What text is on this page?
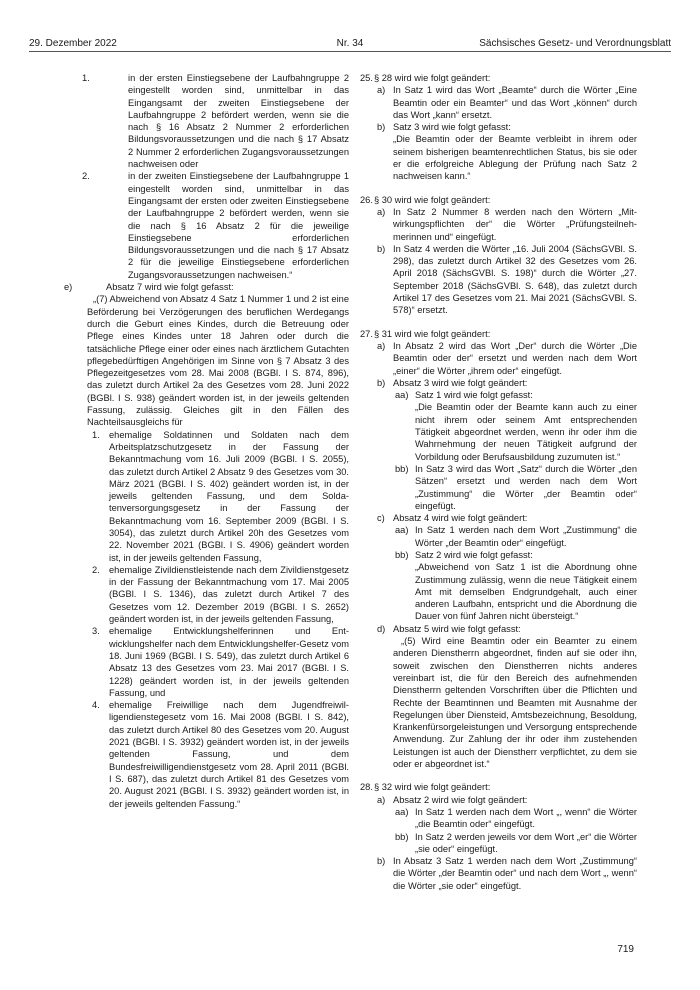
29. Dezember 2022	Nr. 34	Sächsisches Gesetz- und Verordnungsblatt
1.	in der ersten Einstiegsebene der Laufbahngruppe 2 eingestellt worden sind, unmittelbar in das Eingangsamt der zweiten Einstiegsebene der Laufbahngruppe 2 befördert werden, wenn sie die nach § 16 Absatz 2 Nummer 2 erforderlichen Bildungsvoraussetzungen und die nach § 17 Absatz 2 Nummer 2 erforderlichen Zugangsvoraussetzungen nachweisen oder
2.	in der zweiten Einstiegsebene der Laufbahngruppe 1 eingestellt worden sind, unmittelbar in das Eingangsamt der ersten oder zweiten Einstiegsebene der Laufbahngruppe 2 befördert werden, wenn sie die nach § 16 Absatz 2 für die jeweilige Einstiegsebene erforderlichen Bildungsvoraussetzungen und die nach § 17 Absatz 2 für die jeweilige Einstiegsebene erforderlichen Zugangsvoraussetzungen nachweisen.“
e)	Absatz 7 wird wie folgt gefasst:
„(7) Abweichend von Absatz 4 Satz 1 Nummer 1 und 2 ist eine Beförderung bei Verzögerungen des beruflichen Werdegangs durch die Geburt eines Kindes, durch die Betreuung oder Pflege eines Kindes unter 18 Jahren oder durch die tatsächliche Pflege einer oder eines nach ärztlichem Gutachten pflegebedürftigen Angehörigen im Sinne von § 7 Absatz 3 des Pflegezeitgesetzes vom 28. Mai 2008 (BGBl. I S. 874, 896), das zuletzt durch Artikel 2a des Gesetzes vom 28. Juni 2022 (BGBl. I S. 938) geändert worden ist, in der jeweils geltenden Fassung, zulässig. Gleiches gilt in den Fällen des Nachteilsausgleichs für
1. ehemalige Soldatinnen und Soldaten nach dem Arbeitsplatzschutzgesetz in der Fassung der Bekanntmachung vom 16. Juli 2009 (BGBl. I S. 2055), das zuletzt durch Artikel 2 Absatz 9 des Gesetzes vom 30. März 2021 (BGBl. I S. 402) geändert worden ist, in der jeweils geltenden Fassung, und dem Soldatenversorgungsgesetz in der Fassung der Bekanntmachung vom 16. September 2009 (BGBl. I S. 3054), das zuletzt durch Artikel 20h des Gesetzes vom 22. November 2021 (BGBl. I S. 4906) geändert worden ist, in der jeweils geltenden Fassung,
2. ehemalige Zivildienstleistende nach dem Zivildienstgesetz in der Fassung der Bekanntmachung vom 17. Mai 2005 (BGBl. I S. 1346), das zuletzt durch Artikel 7 des Gesetzes vom 12. Dezember 2019 (BGBl. I S. 2652) geändert worden ist, in der jeweils geltenden Fassung,
3. ehemalige Entwicklungshelferinnen und Entwicklungshelfer nach dem Entwicklungshelfer-Gesetz vom 18. Juni 1969 (BGBl. I S. 549), das zuletzt durch Artikel 6 Absatz 13 des Gesetzes vom 23. Mai 2017 (BGBl. I S. 1228) geändert worden ist, in der jeweils geltenden Fassung, und
4. ehemalige Freiwillige nach dem Jugendfreiwilligendienstegesetz vom 16. Mai 2008 (BGBl. I S. 842), das zuletzt durch Artikel 80 des Gesetzes vom 20. August 2021 (BGBl. I S. 3932) geändert worden ist, in der jeweils geltenden Fassung, und dem Bundesfreiwilligendienstgesetz vom 28. April 2011 (BGBl. I S. 687), das zuletzt durch Artikel 81 des Gesetzes vom 20. August 2021 (BGBl. I S. 3932) geändert worden ist, in der jeweils geltenden Fassung.“
25. § 28 wird wie folgt geändert:
a) In Satz 1 wird das Wort „Beamte“ durch die Wörter „Eine Beamtin oder ein Beamter“ und das Wort „können“ durch das Wort „kann“ ersetzt.
b) Satz 3 wird wie folgt gefasst:
„Die Beamtin oder der Beamte verbleibt in ihrem oder seinem bisherigen beamtenrechtlichen Status, bis sie oder er die erfolgreiche Ablegung der Prüfung nach Satz 2 nachweisen kann.“
26. § 30 wird wie folgt geändert:
a) In Satz 2 Nummer 8 werden nach den Wörtern „Mitwirkungspflichten der“ die Wörter „Prüfungsteilnehmerinnen und“ eingefügt.
b) In Satz 4 werden die Wörter „16. Juli 2004 (SächsGVBl. S. 298), das zuletzt durch Artikel 32 des Gesetzes vom 26. April 2018 (SächsGVBl. S. 198)“ durch die Wörter „27. September 2018 (SächsGVBl. S. 648), das zuletzt durch Artikel 17 des Gesetzes vom 21. Mai 2021 (SächsGVBl. S. 578)“ ersetzt.
27. § 31 wird wie folgt geändert:
a) In Absatz 2 wird das Wort „Der“ durch die Wörter „Die Beamtin oder der“ ersetzt und werden nach dem Wort „einer“ die Wörter „ihrem oder“ eingefügt.
b) Absatz 3 wird wie folgt geändert:
aa) Satz 1 wird wie folgt gefasst:
„Die Beamtin oder der Beamte kann auch zu einer nicht ihrem oder seinem Amt entsprechenden Tätigkeit abgeordnet werden, wenn ihr oder ihm die Wahrnehmung der neuen Tätigkeit aufgrund der Vorbildung oder Berufsausbildung zuzumuten ist.“
bb) In Satz 3 wird das Wort „Satz“ durch die Wörter „den Sätzen“ ersetzt und werden nach dem Wort „Zustimmung“ die Wörter „der Beamtin oder“ eingefügt.
c) Absatz 4 wird wie folgt geändert:
aa) In Satz 1 werden nach dem Wort „Zustimmung“ die Wörter „der Beamtin oder“ eingefügt.
bb) Satz 2 wird wie folgt gefasst:
„Abweichend von Satz 1 ist die Abordnung ohne Zustimmung zulässig, wenn die neue Tätigkeit einem Amt mit demselben Endgrundgehalt, auch einer anderen Laufbahn, entspricht und die Abordnung die Dauer von fünf Jahren nicht übersteigt.“
d) Absatz 5 wird wie folgt gefasst:
„(5) Wird eine Beamtin oder ein Beamter zu einem anderen Dienstherrn abgeordnet, finden auf sie oder ihn, soweit zwischen den Dienstherren nichts anderes vereinbart ist, die für den Bereich des aufnehmenden Dienstherrn geltenden Vorschriften über die Pflichten und Rechte der Beamtinnen und Beamten mit Ausnahme der Regelungen über Diensteid, Amtsbezeichnung, Besoldung, Krankenfürsorgeleistungen und Versorgung entsprechende Anwendung. Zur Zahlung der ihr oder ihm zustehenden Leistungen ist auch der Dienstherr verpflichtet, zu dem sie oder er abgeordnet ist.“
28. § 32 wird wie folgt geändert:
a) Absatz 2 wird wie folgt geändert:
aa) In Satz 1 werden nach dem Wort „, wenn“ die Wörter „die Beamtin oder“ eingefügt.
bb) In Satz 2 werden jeweils vor dem Wort „er“ die Wörter „sie oder“ eingefügt.
b) In Absatz 3 Satz 1 werden nach dem Wort „Zustimmung“ die Wörter „der Beamtin oder“ und nach dem Wort „, wenn“ die Wörter „sie oder“ eingefügt.
719
